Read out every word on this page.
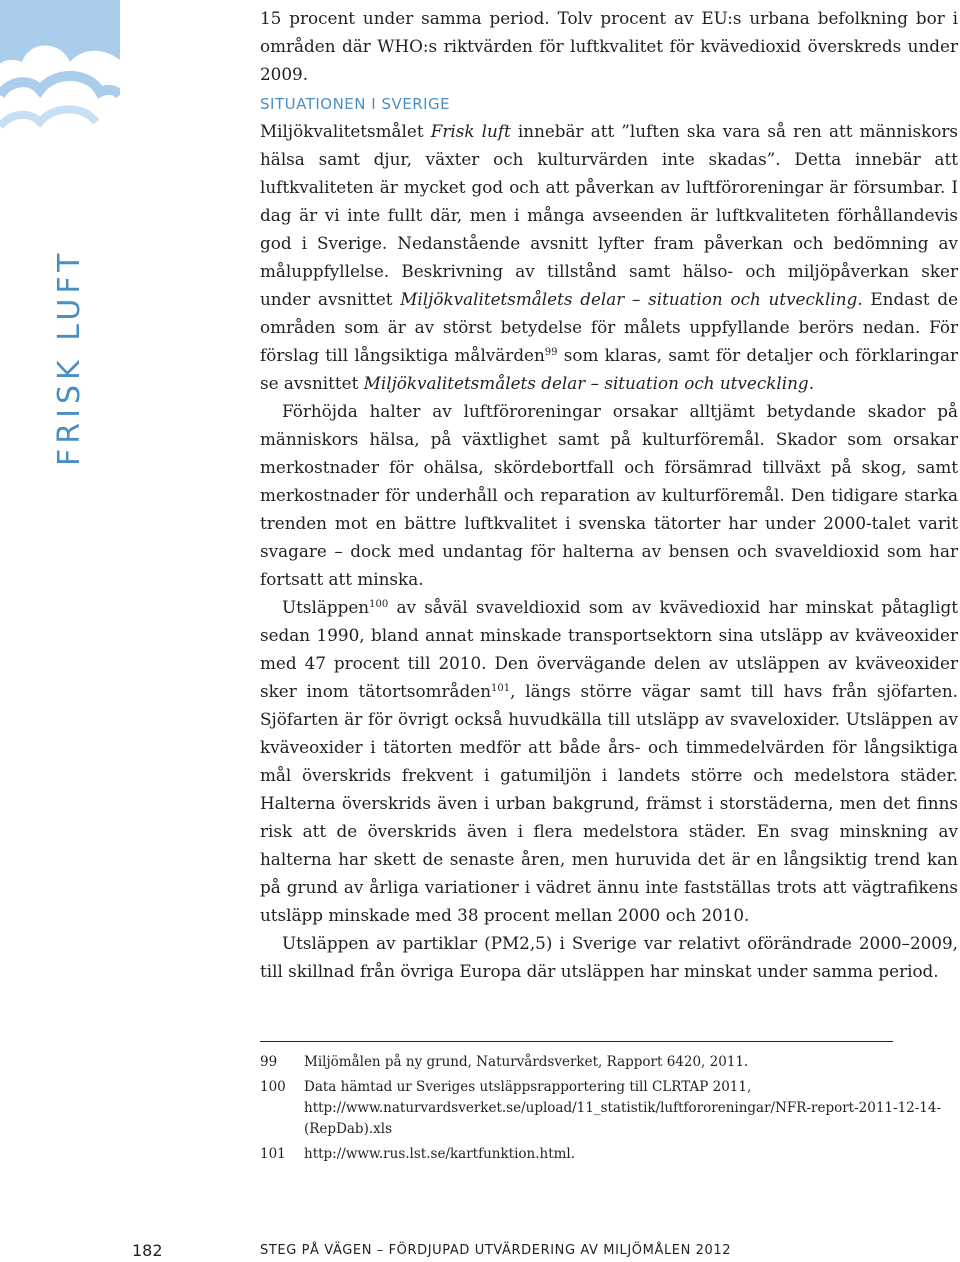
FRISK LUFT

15 procent under samma period. Tolv procent av EU:s urbana befolkning bor i områden där WHO:s riktvärden för luftkvalitet för kvävedioxid överskreds under 2009.

SITUATIONEN I SVERIGE

Miljökvalitetsmålet Frisk luft innebär att ”luften ska vara så ren att människors hälsa samt djur, växter och kulturvärden inte skadas”. Detta innebär att luftkvaliteten är mycket god och att påverkan av luftföroreningar är försumbar. I dag är vi inte fullt där, men i många avseenden är luftkvaliteten förhållandevis god i Sverige. Nedanstående avsnitt lyfter fram påverkan och bedömning av måluppfyllelse. Beskrivning av tillstånd samt hälso- och miljöpåverkan sker under avsnittet Miljökvalitetsmålets delar – situation och utveckling. Endast de områden som är av störst betydelse för målets uppfyllande berörs nedan. För förslag till långsiktiga målvärden$^{99}$ som klaras, samt för detaljer och förklaringar se avsnittet Miljökvalitetsmålets delar – situation och utveckling.

Förhöjda halter av luftföroreningar orsakar alltjämt betydande skador på människors hälsa, på växtlighet samt på kulturföremål. Skador som orsakar merkostnader för ohälsa, skördebortfall och försämrad tillväxt på skog, samt merkostnader för underhåll och reparation av kulturföremål. Den tidigare starka trenden mot en bättre luftkvalitet i svenska tätorter har under 2000-talet varit svagare – dock med undantag för halterna av bensen och svaveldioxid som har fortsatt att minska.

Utsläppen$^{100}$ av såväl svaveldioxid som av kvävedioxid har minskat påtagligt sedan 1990, bland annat minskade transportsektorn sina utsläpp av kväveoxider med 47 procent till 2010. Den övervägande delen av utsläppen av kväveoxider sker inom tätortsområden$^{101}$, längs större vägar samt till havs från sjöfarten. Sjöfarten är för övrigt också huvudkälla till utsläpp av svaveloxider. Utsläppen av kväveoxider i tätorten medför att både års- och timmedelvärden för långsiktiga mål överskrids frekvent i gatumiljön i landets större och medelstora städer. Halterna överskrids även i urban bakgrund, främst i storstäderna, men det finns risk att de överskrids även i flera medelstora städer. En svag minskning av halterna har skett de senaste åren, men huruvida det är en långsiktig trend kan på grund av årliga variationer i vädret ännu inte fastställas trots att vägtrafikens utsläpp minskade med 38 procent mellan 2000 och 2010.

Utsläppen av partiklar (PM2,5) i Sverige var relativt oförändrade 2000–2009, till skillnad från övriga Europa där utsläppen har minskat under samma period.

99	Miljömålen på ny grund, Naturvårdsverket, Rapport 6420, 2011.
100	Data hämtad ur Sveriges utsläppsrapportering till CLRTAP 2011, http://www.naturvardsverket.se/upload/11_statistik/luftfororeningar/NFR-report-2011-12-14-(RepDab).xls
101	http://www.rus.lst.se/kartfunktion.html.
182	STEG PÅ VÄGEN – FÖRDJUPAD UTVÄRDERING AV MILJÖMÅLEN 2012
